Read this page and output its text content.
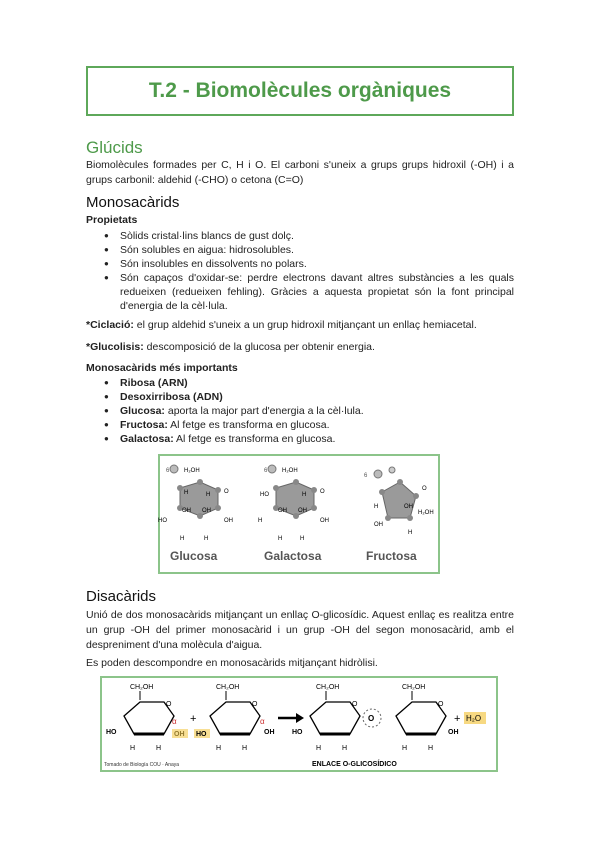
T.2 - Biomolècules orgàniques
Glúcids

Biomolècules formades per C, H i O. El carboni s'uneix a grups grups hidroxil (-OH) i a grups carbonil: aldehid (-CHO) o cetona (C=O)

Monosacàrids

Propietats

● Sòlids cristal·lins blancs de gust dolç.
● Són solubles en aigua: hidrosolubles.
● Són insolubles en dissolvents no polars.
● Són capaços d'oxidar-se: perdre electrons davant altres substàncies a les quals redueixen (redueixen fehling). Gràcies a aquesta propietat són la font principal d'energia de la cèl·lula.

*Ciclació: el grup aldehid s'uneix a un grup hidroxil mitjançant un enllaç hemiacetal.

*Glucolisis: descomposició de la glucosa per obtenir energia.

Monosacàrids més importants

● Ribosa (ARN)
● Desoxirribosa (ADN)
● Glucosa: aporta la major part d'energia a la cèl·lula.
● Fructosa: Al fetge es transforma en glucosa.
● Galactosa: Al fetge es transforma en glucosa.
6 H₂OH
O
H	H
OH OH
HO	OH
H	H
Glucosa
6 H₂OH
O
HO	H
OH OH
H	OH
H	H
Galactosa
6
O
H₂OH
H	OH
OH
H
Fructosa
Disacàrids

Unió de dos monosacàrids mitjançant un enllaç O-glicosídic. Aquest enllaç es realitza entre un grup -OH del primer monosacàrid i un grup -OH del segon monosacàrid, amb el despreniment d'una molècula d'aigua.

Es poden descompondre en monosacàrids mitjançant hidròlisi.

CH₂OH
O
α
HO
H	H
+
CH₂OH
O
α
HO	OH
H	H
CH₂OH
O
HO
H	H
O
CH₂OH
O
OH
H	H
+ H₂O
ENLACE O-GLICOSÍDICO
Tomado de Biología COU · Anaya
